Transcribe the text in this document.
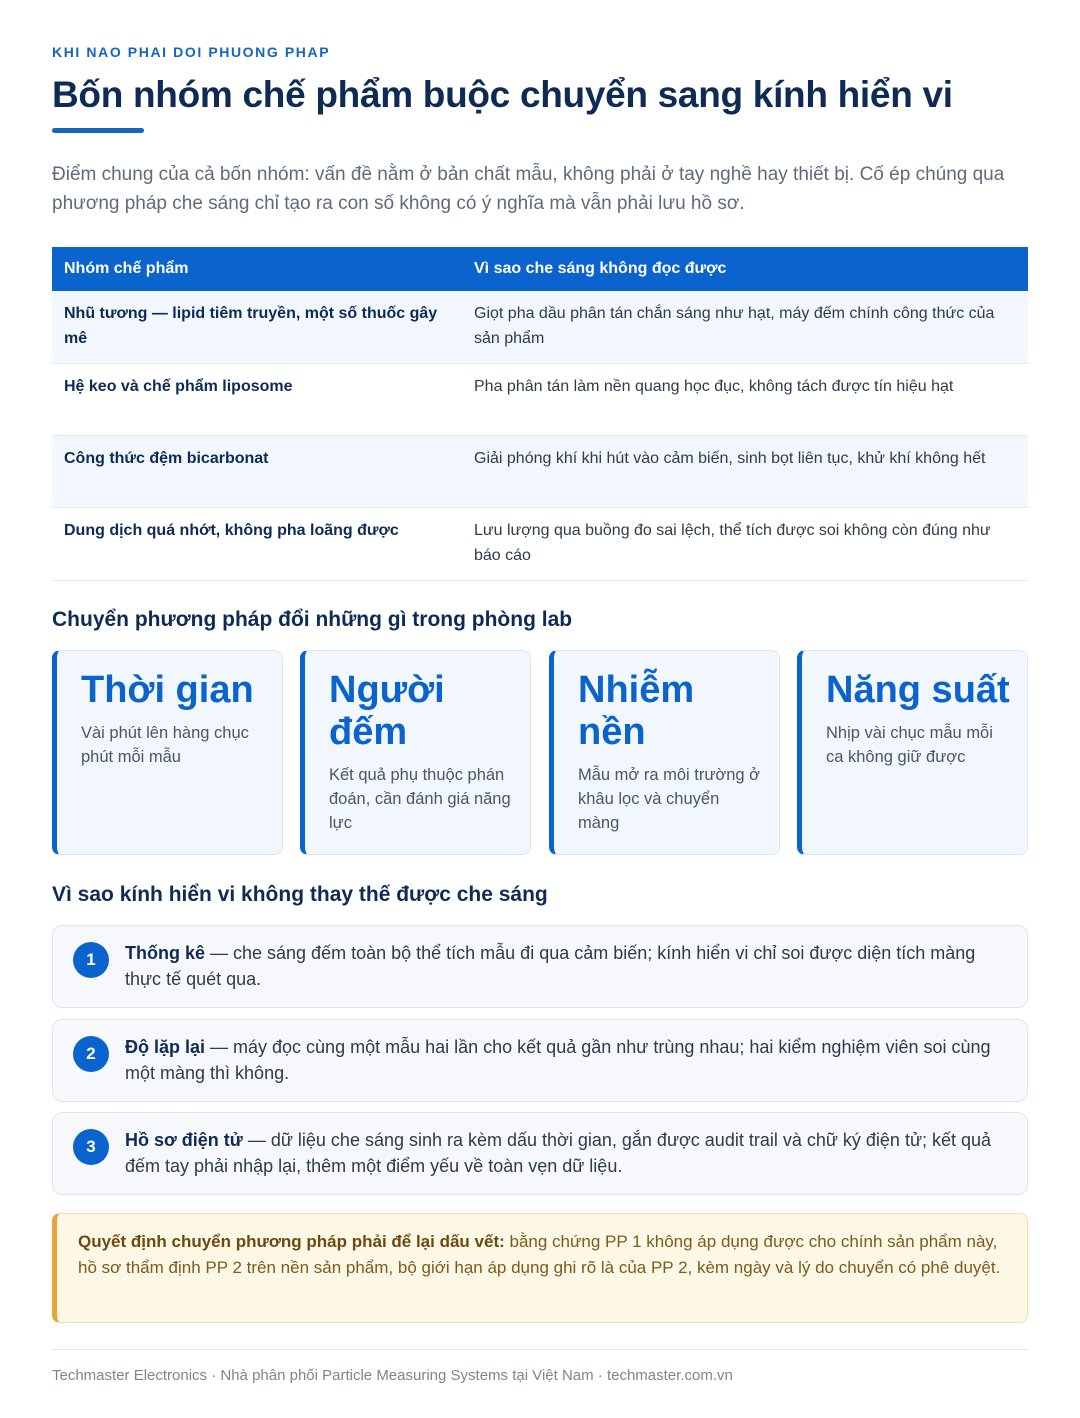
KHI NAO PHAI DOI PHUONG PHAP
Bốn nhóm chế phẩm buộc chuyển sang kính hiển vi

Điểm chung của cả bốn nhóm: vấn đề nằm ở bản chất mẫu, không phải ở tay nghề hay thiết bị. Cố ép chúng qua phương pháp che sáng chỉ tạo ra con số không có ý nghĩa mà vẫn phải lưu hồ sơ.

Nhóm chế phẩm	Vì sao che sáng không đọc được
Nhũ tương — lipid tiêm truyền, một số thuốc gây mê	Giọt pha dầu phân tán chắn sáng như hạt, máy đếm chính công thức của sản phẩm
Hệ keo và chế phẩm liposome	Pha phân tán làm nền quang học đục, không tách được tín hiệu hạt
Công thức đệm bicarbonat	Giải phóng khí khi hút vào cảm biến, sinh bọt liên tục, khử khí không hết
Dung dịch quá nhớt, không pha loãng được	Lưu lượng qua buồng đo sai lệch, thể tích được soi không còn đúng như báo cáo
Chuyển phương pháp đổi những gì trong phòng lab
Thời gian
Vài phút lên hàng chục phút mỗi mẫu
Người đếm
Kết quả phụ thuộc phán đoán, cần đánh giá năng lực
Nhiễm nền
Mẫu mở ra môi trường ở khâu lọc và chuyển màng
Năng suất
Nhịp vài chục mẫu mỗi ca không giữ được
Vì sao kính hiển vi không thay thế được che sáng
1	Thống kê — che sáng đếm toàn bộ thể tích mẫu đi qua cảm biến; kính hiển vi chỉ soi được diện tích màng thực tế quét qua.
2	Độ lặp lại — máy đọc cùng một mẫu hai lần cho kết quả gần như trùng nhau; hai kiểm nghiệm viên soi cùng một màng thì không.
3	Hồ sơ điện tử — dữ liệu che sáng sinh ra kèm dấu thời gian, gắn được audit trail và chữ ký điện tử; kết quả đếm tay phải nhập lại, thêm một điểm yếu về toàn vẹn dữ liệu.
Quyết định chuyển phương pháp phải để lại dấu vết: bằng chứng PP 1 không áp dụng được cho chính sản phẩm này, hồ sơ thẩm định PP 2 trên nền sản phẩm, bộ giới hạn áp dụng ghi rõ là của PP 2, kèm ngày và lý do chuyển có phê duyệt.
Techmaster Electronics · Nhà phân phối Particle Measuring Systems tại Việt Nam · techmaster.com.vn
